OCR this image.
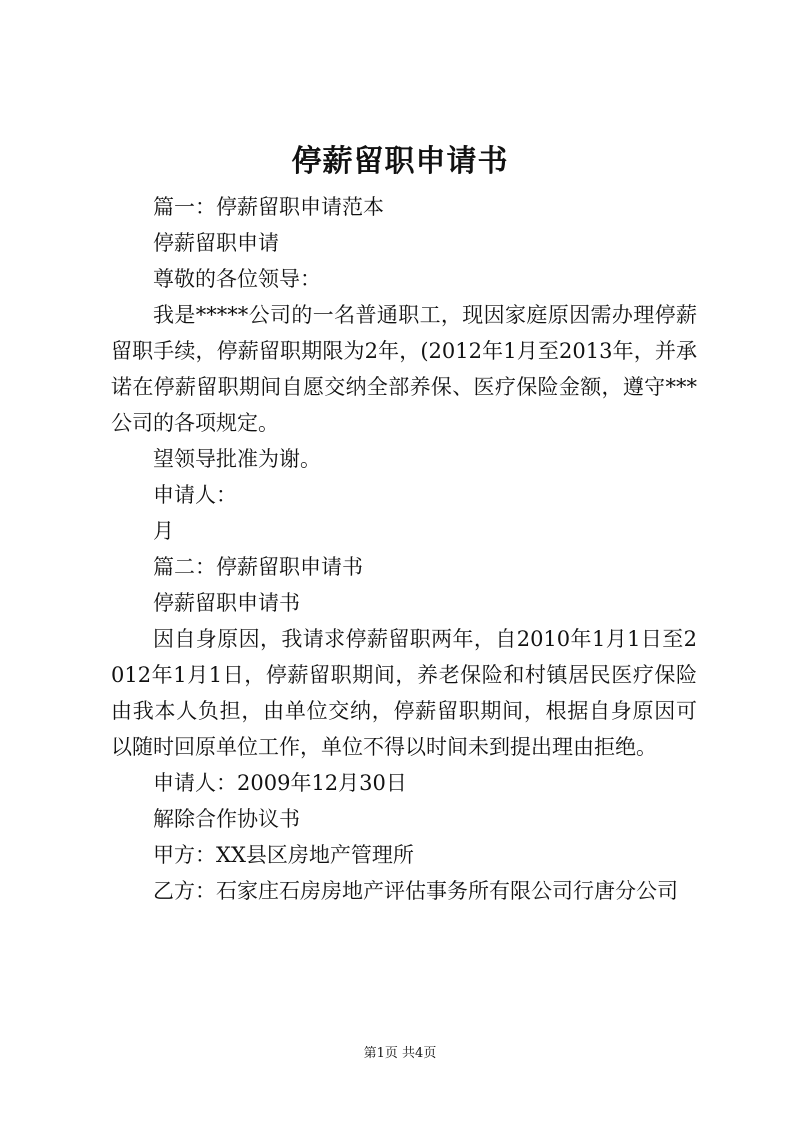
停薪留职申请书

篇一：停薪留职申请范本

停薪留职申请

尊敬的各位领导：

我是*****公司的一名普通职工，现因家庭原因需办理停薪留职手续，停薪留职期限为2年，(2012年1月至2013年，并承诺在停薪留职期间自愿交纳全部养保、医疗保险金额，遵守***公司的各项规定。

望领导批准为谢。

申请人：

月

篇二：停薪留职申请书

停薪留职申请书

因自身原因，我请求停薪留职两年，自2010年1月1日至2012年1月1日，停薪留职期间，养老保险和村镇居民医疗保险由我本人负担，由单位交纳，停薪留职期间，根据自身原因可以随时回原单位工作，单位不得以时间未到提出理由拒绝。

申请人：2009年12月30日

解除合作协议书

甲方：XX县区房地产管理所

乙方：石家庄石房房地产评估事务所有限公司行唐分公司

第1页 共4页
